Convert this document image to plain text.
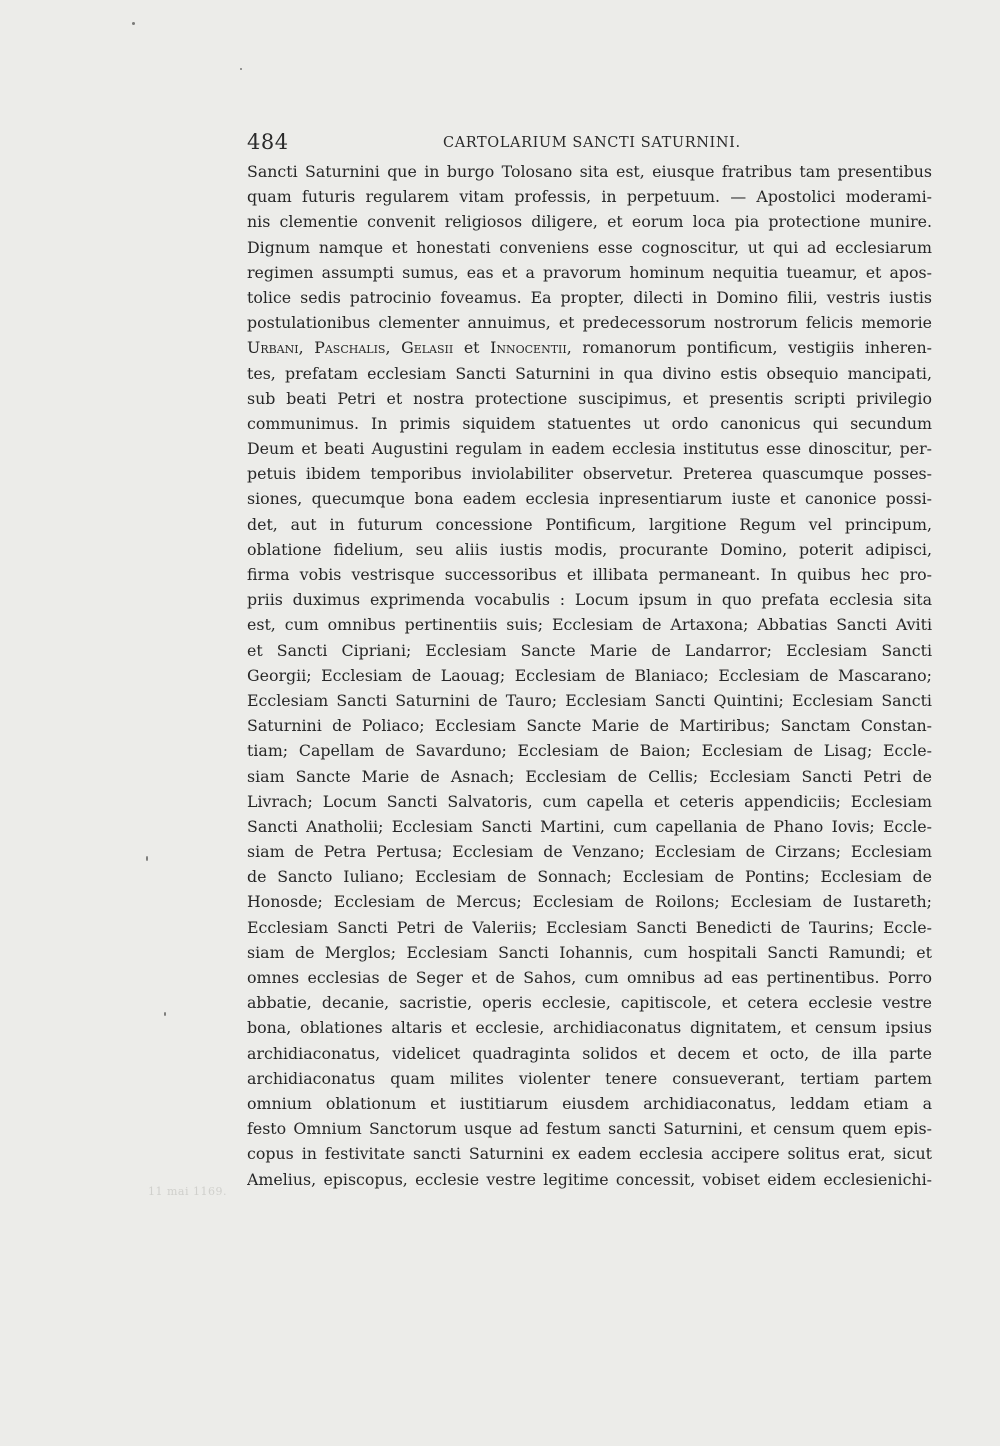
484	CARTOLARIUM SANCTI SATURNINI.
Sancti Saturnini que in burgo Tolosano sita est, eiusque fratribus tam presentibus
quam futuris regularem vitam professis, in perpetuum. — Apostolici moderami-
nis clementie convenit religiosos diligere, et eorum loca pia protectione munire.
Dignum namque et honestati conveniens esse cognoscitur, ut qui ad ecclesiarum
regimen assumpti sumus, eas et a pravorum hominum nequitia tueamur, et apos-
tolice sedis patrocinio foveamus. Ea propter, dilecti in Domino filii, vestris iustis
postulationibus clementer annuimus, et predecessorum nostrorum felicis memorie
Urbani, Paschalis, Gelasii et Innocentii, romanorum pontificum, vestigiis inheren-
tes, prefatam ecclesiam Sancti Saturnini in qua divino estis obsequio mancipati,
sub beati Petri et nostra protectione suscipimus, et presentis scripti privilegio
communimus. In primis siquidem statuentes ut ordo canonicus qui secundum
Deum et beati Augustini regulam in eadem ecclesia institutus esse dinoscitur, per-
petuis ibidem temporibus inviolabiliter observetur. Preterea quascumque posses-
siones, quecumque bona eadem ecclesia inpresentiarum iuste et canonice possi-
det, aut in futurum concessione Pontificum, largitione Regum vel principum,
oblatione fidelium, seu aliis iustis modis, procurante Domino, poterit adipisci,
firma vobis vestrisque successoribus et illibata permaneant. In quibus hec pro-
priis duximus exprimenda vocabulis : Locum ipsum in quo prefata ecclesia sita
est, cum omnibus pertinentiis suis; Ecclesiam de Artaxona; Abbatias Sancti Aviti
et Sancti Cipriani; Ecclesiam Sancte Marie de Landarror; Ecclesiam Sancti
Georgii; Ecclesiam de Laouag; Ecclesiam de Blaniaco; Ecclesiam de Mascarano;
Ecclesiam Sancti Saturnini de Tauro; Ecclesiam Sancti Quintini; Ecclesiam Sancti
Saturnini de Poliaco; Ecclesiam Sancte Marie de Martiribus; Sanctam Constan-
tiam; Capellam de Savarduno; Ecclesiam de Baion; Ecclesiam de Lisag; Eccle-
siam Sancte Marie de Asnach; Ecclesiam de Cellis; Ecclesiam Sancti Petri de
Livrach; Locum Sancti Salvatoris, cum capella et ceteris appendiciis; Ecclesiam
Sancti Anatholii; Ecclesiam Sancti Martini, cum capellania de Phano Iovis; Eccle-
siam de Petra Pertusa; Ecclesiam de Venzano; Ecclesiam de Cirzans; Ecclesiam
de Sancto Iuliano; Ecclesiam de Sonnach; Ecclesiam de Pontins; Ecclesiam de
Honosde; Ecclesiam de Mercus; Ecclesiam de Roilons; Ecclesiam de Iustareth;
Ecclesiam Sancti Petri de Valeriis; Ecclesiam Sancti Benedicti de Taurins; Eccle-
siam de Merglos; Ecclesiam Sancti Iohannis, cum hospitali Sancti Ramundi; et
omnes ecclesias de Seger et de Sahos, cum omnibus ad eas pertinentibus. Porro
abbatie, decanie, sacristie, operis ecclesie, capitiscole, et cetera ecclesie vestre
bona, oblationes altaris et ecclesie, archidiaconatus dignitatem, et censum ipsius
archidiaconatus, videlicet quadraginta solidos et decem et octo, de illa parte
archidiaconatus quam milites violenter tenere consueverant, tertiam partem
omnium oblationum et iustitiarum eiusdem archidiaconatus, leddam etiam a
festo Omnium Sanctorum usque ad festum sancti Saturnini, et censum quem epis-
copus in festivitate sancti Saturnini ex eadem ecclesia accipere solitus erat, sicut
Amelius, episcopus, ecclesie vestre legitime concessit, vobiset eidem ecclesienichi-
11 mai 1169.
